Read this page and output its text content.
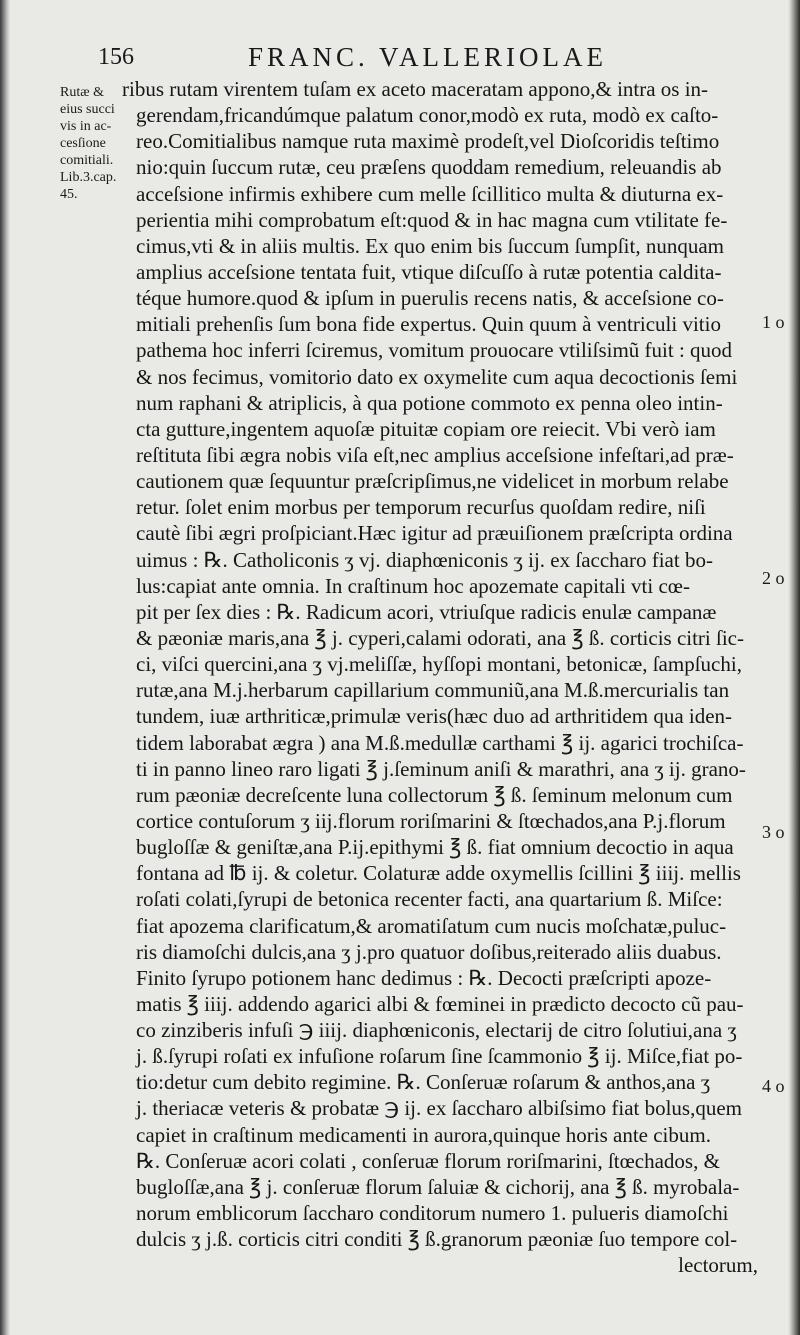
156	FRANC. VALLERIOLAE
Rutæ &
eius succi
vis in ac-
cesſione
comitiali.
Lib.3.cap.
45.
1 o
2 o
3 o
4 o
ribus rutam virentem tuſam ex aceto maceratam appono,& intra os in-
gerendam,fricandúmque palatum conor,modò ex ruta, modò ex caſto-
reo.Comitialibus namque ruta maximè prodeſt,vel Dioſcoridis teſtimo
nio:quin ſuccum rutæ, ceu præſens quoddam remedium, releuandis ab
acceſsione infirmis exhibere cum melle ſcillitico multa & diuturna ex-
perientia mihi comprobatum eſt:quod & in hac magna cum vtilitate fe-
cimus,vti & in aliis multis. Ex quo enim bis ſuccum ſumpſit, nunquam
amplius acceſsione tentata fuit, vtique diſcuſſo à rutæ potentia caldita-
téque humore.quod & ipſum in puerulis recens natis, & acceſsione co-
mitiali prehenſis ſum bona fide expertus. Quin quum à ventriculi vitio
pathema hoc inferri ſciremus, vomitum prouocare vtiliſsimũ fuit : quod
& nos fecimus, vomitorio dato ex oxymelite cum aqua decoctionis ſemi
num raphani & atriplicis, à qua potione commoto ex penna oleo intin-
cta gutture,ingentem aquoſæ pituitæ copiam ore reiecit. Vbi verò iam
reſtituta ſibi ægra nobis viſa eſt,nec amplius acceſsione infeſtari,ad præ-
cautionem quæ ſequuntur præſcripſimus,ne videlicet in morbum relabe
retur. ſolet enim morbus per temporum recurſus quoſdam redire, niſi
cautè ſibi ægri proſpiciant.Hæc igitur ad præuiſionem præſcripta ordina
uimus : ℞. Catholiconis ʒ vj. diaphœniconis ʒ ij. ex ſaccharo fiat bo-
lus:capiat ante omnia. In craſtinum hoc apozemate capitali vti cœ-
pit per ſex dies : ℞. Radicum acori, vtriuſque radicis enulæ campanæ
& pæoniæ maris,ana ℥ j. cyperi,calami odorati, ana ℥ ß. corticis citri ſic-
ci, viſci quercini,ana ʒ vj.meliſſæ, hyſſopi montani, betonicæ, ſampſuchi,
rutæ,ana M.j.herbarum capillarium communiũ,ana M.ß.mercurialis tan
tundem, iuæ arthriticæ,primulæ veris(hæc duo ad arthritidem qua iden-
tidem laborabat ægra ) ana M.ß.medullæ carthami ℥ ij. agarici trochiſca-
ti in panno lineo raro ligati ℥ j.ſeminum aniſi & marathri, ana ʒ ij. grano-
rum pæoniæ decreſcente luna collectorum ℥ ß. ſeminum melonum cum
cortice contuſorum ʒ iij.florum roriſmarini & ſtœchados,ana P.j.florum
bugloſſæ & geniſtæ,ana P.ij.epithymi ℥ ß. fiat omnium decoctio in aqua
fontana ad ℔ ij. & coletur. Colaturæ adde oxymellis ſcillini ℥ iiij. mellis
roſati colati,ſyrupi de betonica recenter facti, ana quartarium ß. Miſce:
fiat apozema clarificatum,& aromatiſatum cum nucis moſchatæ,puluc-
ris diamoſchi dulcis,ana ʒ j.pro quatuor doſibus,reiterado aliis duabus.
Finito ſyrupo potionem hanc dedimus : ℞. Decocti præſcripti apoze-
matis ℥ iiij. addendo agarici albi & fœminei in prædicto decocto cũ pau-
co zinziberis infuſi ℈ iiij. diaphœniconis, electarij de citro ſolutiui,ana ʒ
j. ß.ſyrupi roſati ex infuſione roſarum ſine ſcammonio ℥ ij. Miſce,fiat po-
tio:detur cum debito regimine. ℞. Conſeruæ roſarum & anthos,ana ʒ
j. theriacæ veteris & probatæ ℈ ij. ex ſaccharo albiſsimo fiat bolus,quem
capiet in craſtinum medicamenti in aurora,quinque horis ante cibum.
℞. Conſeruæ acori colati , conſeruæ florum roriſmarini, ſtœchados, &
bugloſſæ,ana ℥ j. conſeruæ florum ſaluiæ & cichorij, ana ℥ ß. myrobala-
norum emblicorum ſaccharo conditorum numero 1. pulueris diamoſchi
dulcis ʒ j.ß. corticis citri conditi ℥ ß.granorum pæoniæ ſuo tempore col-
lectorum,
